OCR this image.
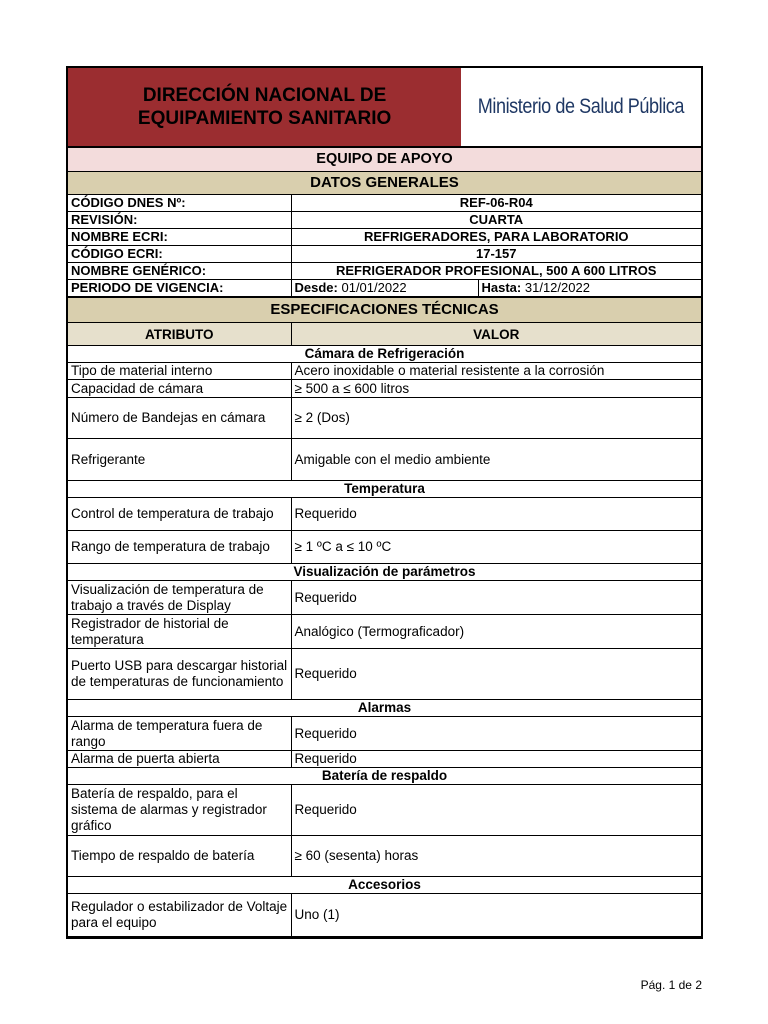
DIRECCIÓN NACIONAL DE
EQUIPAMIENTO SANITARIO
Ministerio de Salud Pública
EQUIPO DE APOYO
DATOS GENERALES
CÓDIGO DNES Nº:	REF-06-R04	
REVISIÓN:	CUARTA	
NOMBRE ECRI:	REFRIGERADORES, PARA LABORATORIO	
CÓDIGO ECRI:	17-157	
NOMBRE GENÉRICO:	REFRIGERADOR PROFESIONAL, 500 A 600 LITROS	
PERIODO DE VIGENCIA:	Desde: 01/01/2022	Hasta: 31/12/2022
ESPECIFICACIONES TÉCNICAS
ATRIBUTO	VALOR
Cámara de Refrigeración	
Tipo de material interno	Acero inoxidable o material resistente a la corrosión
Capacidad de cámara	≥ 500 a ≤ 600 litros
Número de Bandejas en cámara	≥ 2 (Dos)
Refrigerante	Amigable con el medio ambiente
Temperatura	
Control de temperatura de trabajo	Requerido
Rango de temperatura de trabajo	≥ 1 ºC a ≤ 10 ºC
Visualización de parámetros	
Visualización de temperatura de trabajo a través de Display	Requerido
Registrador de historial de temperatura	Analógico (Termograficador)
Puerto USB para descargar historial de temperaturas de funcionamiento	Requerido
Alarmas	
Alarma de temperatura fuera de rango	Requerido
Alarma de puerta abierta	Requerido
Batería de respaldo	
Batería de respaldo, para el sistema de alarmas y registrador gráfico	Requerido
Tiempo de respaldo de batería	≥ 60 (sesenta) horas
Accesorios	
Regulador o estabilizador de Voltaje para el equipo	Uno (1)
Pág. 1 de 2
